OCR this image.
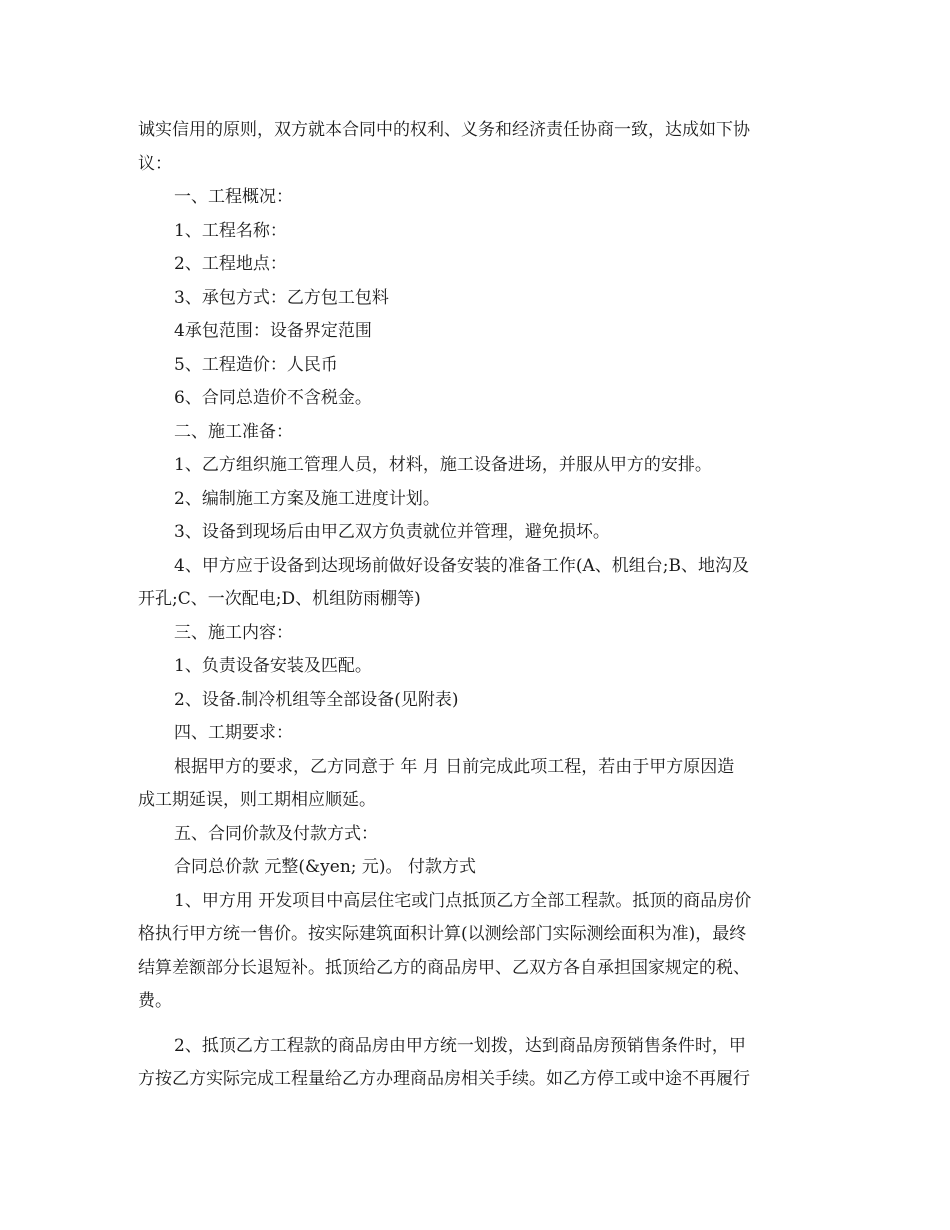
诚实信用的原则，双方就本合同中的权利、义务和经济责任协商一致，达成如下协

议：

一、工程概况：

1、工程名称：

2、工程地点：

3、承包方式：乙方包工包料

4承包范围：设备界定范围

5、工程造价：人民币

6、合同总造价不含税金。

二、施工准备：

1、乙方组织施工管理人员，材料，施工设备进场，并服从甲方的安排。

2、编制施工方案及施工进度计划。

3、设备到现场后由甲乙双方负责就位并管理，避免损坏。

4、甲方应于设备到达现场前做好设备安装的准备工作(A、机组台;B、地沟及

开孔;C、一次配电;D、机组防雨棚等)

三、施工内容：

1、负责设备安装及匹配。

2、设备.制冷机组等全部设备(见附表)

四、工期要求：

根据甲方的要求，乙方同意于 年 月 日前完成此项工程，若由于甲方原因造

成工期延误，则工期相应顺延。

五、合同价款及付款方式：

合同总价款 元整(&yen; 元)。 付款方式

1、甲方用 开发项目中高层住宅或门点抵顶乙方全部工程款。抵顶的商品房价

格执行甲方统一售价。按实际建筑面积计算(以测绘部门实际测绘面积为准)，最终

结算差额部分长退短补。抵顶给乙方的商品房甲、乙双方各自承担国家规定的税、

费。

2、抵顶乙方工程款的商品房由甲方统一划拨，达到商品房预销售条件时，甲

方按乙方实际完成工程量给乙方办理商品房相关手续。如乙方停工或中途不再履行
